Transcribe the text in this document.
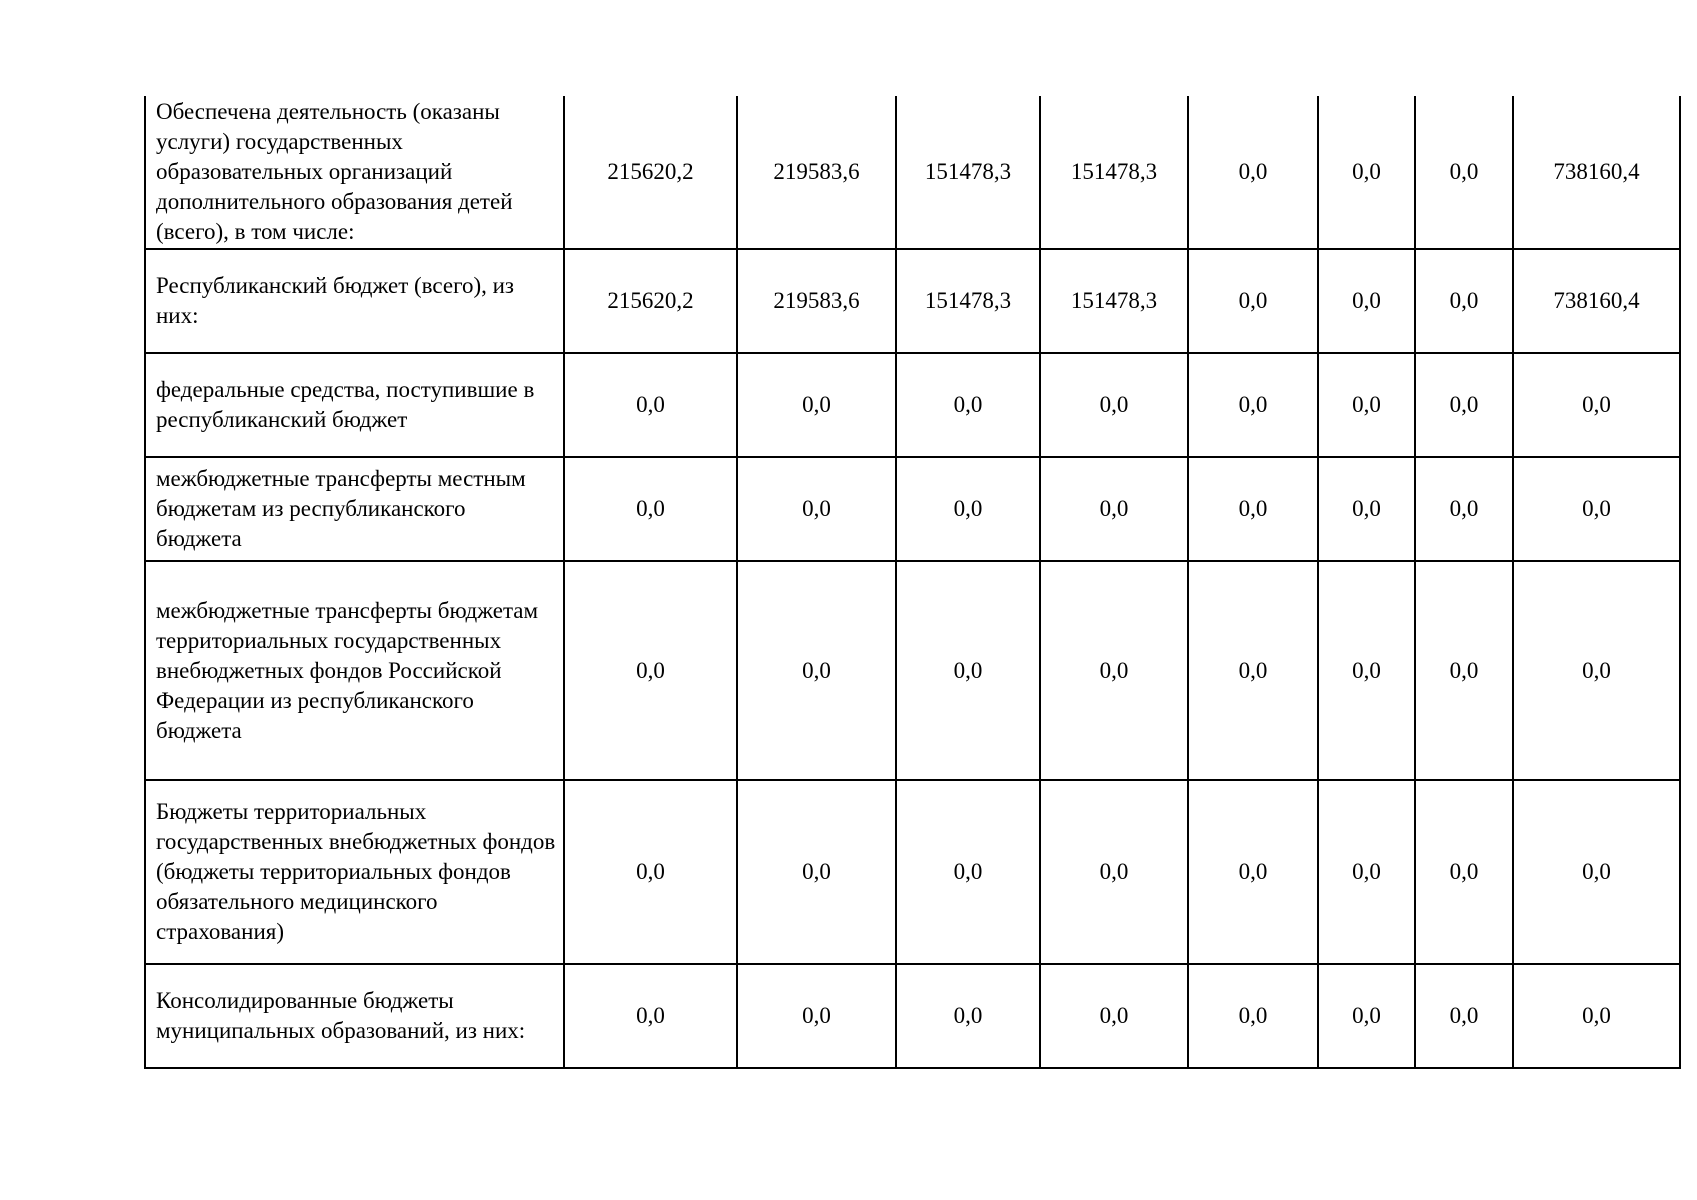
Обеспечена деятельность (оказаны услуги) государственных образовательных организаций дополнительного образования детей (всего), в том числе:	215620,2	219583,6	151478,3	151478,3	0,0	0,0	0,0	738160,4
Республиканский бюджет (всего), из них:	215620,2	219583,6	151478,3	151478,3	0,0	0,0	0,0	738160,4
федеральные средства, поступившие в республиканский бюджет	0,0	0,0	0,0	0,0	0,0	0,0	0,0	0,0
межбюджетные трансферты местным бюджетам из республиканского бюджета	0,0	0,0	0,0	0,0	0,0	0,0	0,0	0,0
межбюджетные трансферты бюджетам территориальных государственных внебюджетных фондов Российской Федерации из республиканского бюджета	0,0	0,0	0,0	0,0	0,0	0,0	0,0	0,0
Бюджеты территориальных государственных внебюджетных фондов (бюджеты территориальных фондов обязательного медицинского страхования)	0,0	0,0	0,0	0,0	0,0	0,0	0,0	0,0
Консолидированные бюджеты муниципальных образований, из них:	0,0	0,0	0,0	0,0	0,0	0,0	0,0	0,0
